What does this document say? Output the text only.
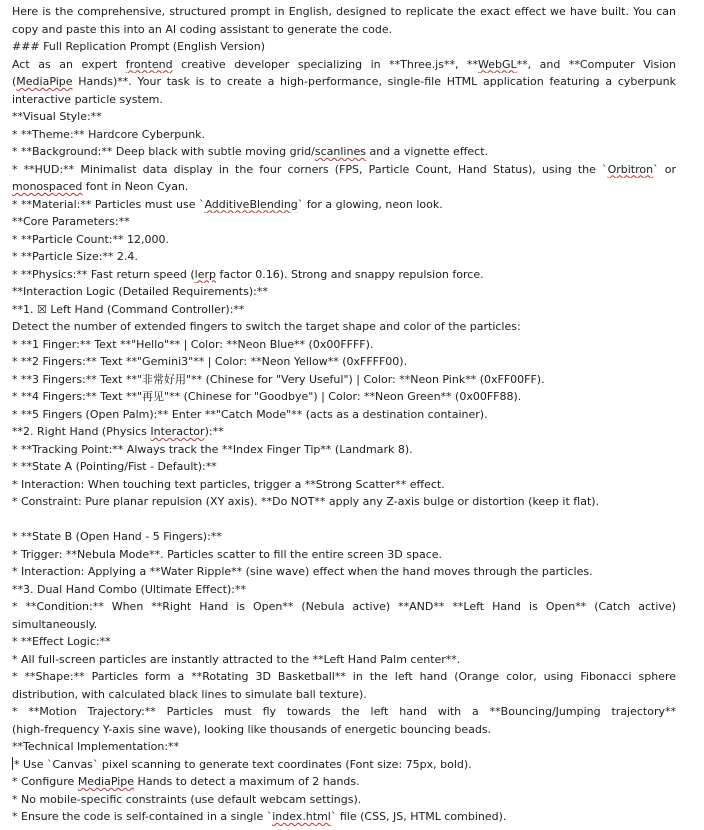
Here is the comprehensive, structured prompt in English, designed to replicate the exact effect we have built. You can
copy and paste this into an AI coding assistant to generate the code.
### Full Replication Prompt (English Version)
Act as an expert frontend creative developer specializing in **Three.js**, **WebGL**, and **Computer Vision
(MediaPipe Hands)**. Your task is to create a high-performance, single-file HTML application featuring a cyberpunk
interactive particle system.
**Visual Style:**
* **Theme:** Hardcore Cyberpunk.
* **Background:** Deep black with subtle moving grid/scanlines and a vignette effect.
* **HUD:** Minimalist data display in the four corners (FPS, Particle Count, Hand Status), using the `Orbitron` or
monospaced font in Neon Cyan.
* **Material:** Particles must use `AdditiveBlending` for a glowing, neon look.
**Core Parameters:**
* **Particle Count:** 12,000.
* **Particle Size:** 2.4.
* **Physics:** Fast return speed (lerp factor 0.16). Strong and snappy repulsion force.
**Interaction Logic (Detailed Requirements):**
**1. ☒ Left Hand (Command Controller):**
Detect the number of extended fingers to switch the target shape and color of the particles:
* **1 Finger:** Text **"Hello"** | Color: **Neon Blue** (0x00FFFF).
* **2 Fingers:** Text **"Gemini3"** | Color: **Neon Yellow** (0xFFFF00).
* **3 Fingers:** Text **"非常好用"** (Chinese for "Very Useful") | Color: **Neon Pink** (0xFF00FF).
* **4 Fingers:** Text **"再见"** (Chinese for "Goodbye") | Color: **Neon Green** (0x00FF88).
* **5 Fingers (Open Palm):** Enter **"Catch Mode"** (acts as a destination container).
**2. Right Hand (Physics Interactor):**
* **Tracking Point:** Always track the **Index Finger Tip** (Landmark 8).
* **State A (Pointing/Fist - Default):**
* Interaction: When touching text particles, trigger a **Strong Scatter** effect.
* Constraint: Pure planar repulsion (XY axis). **Do NOT** apply any Z-axis bulge or distortion (keep it flat).
* **State B (Open Hand - 5 Fingers):**
* Trigger: **Nebula Mode**. Particles scatter to fill the entire screen 3D space.
* Interaction: Applying a **Water Ripple** (sine wave) effect when the hand moves through the particles.
**3. Dual Hand Combo (Ultimate Effect):**
* **Condition:** When **Right Hand is Open** (Nebula active) **AND** **Left Hand is Open** (Catch active)
simultaneously.
* **Effect Logic:**
* All full-screen particles are instantly attracted to the **Left Hand Palm center**.
* **Shape:** Particles form a **Rotating 3D Basketball** in the left hand (Orange color, using Fibonacci sphere
distribution, with calculated black lines to simulate ball texture).
* **Motion Trajectory:** Particles must fly towards the left hand with a **Bouncing/Jumping trajectory**
(high-frequency Y-axis sine wave), looking like thousands of energetic bouncing beads.
**Technical Implementation:**
* Use `Canvas` pixel scanning to generate text coordinates (Font size: 75px, bold).
* Configure MediaPipe Hands to detect a maximum of 2 hands.
* No mobile-specific constraints (use default webcam settings).
* Ensure the code is self-contained in a single `index.html` file (CSS, JS, HTML combined).
